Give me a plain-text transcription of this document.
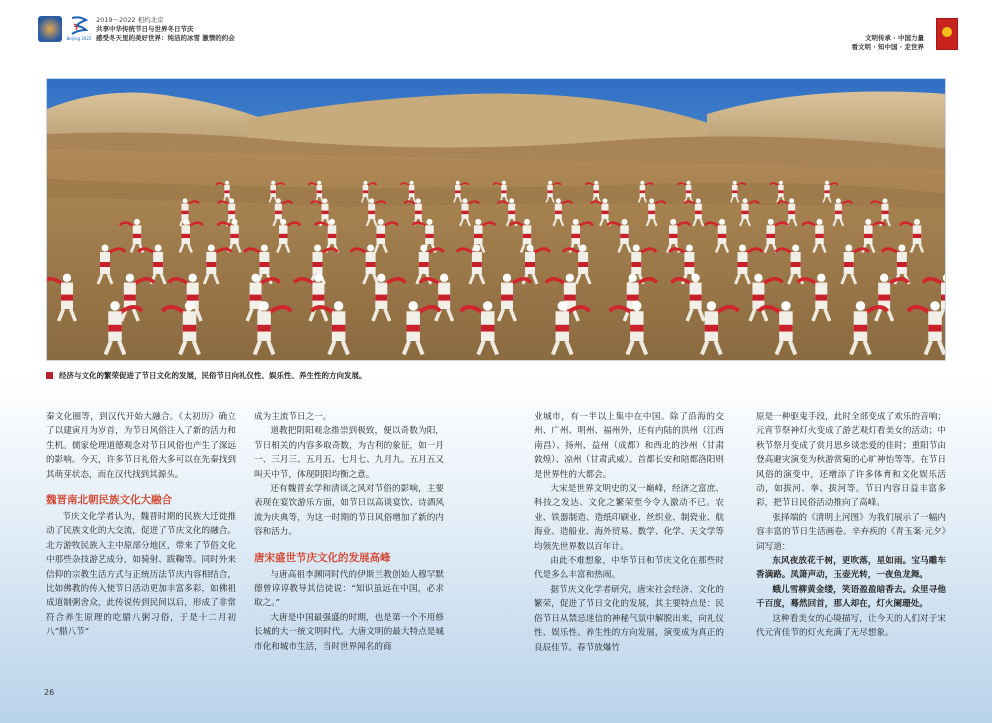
Beijing 2022
2019～2022 相约北京
共享中华传统节日与世界冬日节庆
感受冬天里的美好世界：纯洁的冰雪 激情的约会	文明传承 · 中国力量
看文明 · 知中国 · 走世界
经济与文化的繁荣促进了节日文化的发展，民俗节日向礼仪性、娱乐性、养生性的方向发展。

秦文化圈等，到汉代开始大融合。《太初历》确立了以建寅月为岁首，为节日风俗注入了新的活力和生机。儒家伦理道德观念对节日风俗也产生了深远的影响。今天，许多节日礼俗大多可以在先秦找到其萌芽状态，而在汉代找到其源头。

魏晋南北朝民族文化大融合

节庆文化学者认为，魏晋时期的民族大迁徙推动了民族文化的大交流，促进了节庆文化的融合。北方游牧民族入主中原部分地区，带来了节俗文化中那些杂技游艺成分，如骑射、跋鞠等。同时外来信仰的宗教生活方式与正统历法节庆内容相结合，比如佛教的传入使节日活动更加丰富多彩，如佛祖成道制粥舍众，此传说传到民间以后，形成了非常符合养生原理的吃腊八粥习俗，于是十二月初八“腊八节”

成为主流节日之一。

道教把阴阳观念推崇到极致，便以奇数为阳，节日相关的内容多取奇数，为吉利的象征，如一月一、三月三、五月五、七月七、九月九。五月五又叫天中节，体现阴阳均衡之意。

还有魏晋玄学和清谈之风对节俗的影响，主要表现在宴饮游乐方面，如节日以高谈宴饮、诗酒风流为庆典等，为这一时期的节日风俗增加了新的内容和活力。

唐宋盛世节庆文化的发展高峰

与唐高祖李渊同时代的伊斯兰教创始人穆罕默德曾谆谆教导其信徒说：“知识虽远在中国，必求取之。”

大唐是中国最强盛的时期，也是第一个不用修长城的大一统文明时代。大唐文明的最大特点是城市化和城市生活，当时世界闻名的商

业城市，有一半以上集中在中国。除了沿海的交州、广州、明州、福州外，还有内陆的洪州（江西南昌）、扬州、益州（成都）和西北的沙州（甘肃敦煌）、凉州（甘肃武威）。首都长安和陪都洛阳则是世界性的大都会。

大宋是世界文明史的又一巅峰，经济之富庶、科技之发达、文化之繁荣至今令人激动不已。农业、铁器制造、造纸印刷业、丝织业、制瓷业、航海业、造船业、海外贸易、数学、化学、天文学等均领先世界数以百年计。

由此不难想象，中华节日和节庆文化在那些时代是多么丰富和热闹。

据节庆文化学者研究，唐宋社会经济、文化的繁荣，促进了节日文化的发展，其主要特点是：民俗节日从禁忌迷信的神秘气氛中解脱出来，向礼仪性、娱乐性、养生性的方向发展，演变成为真正的良辰佳节。春节放爆竹

原是一种驱鬼手段，此时全部变成了欢乐的音响；元宵节祭神灯火变成了游艺观灯看美女的活动；中秋节祭月变成了赏月思乡谈恋爱的佳时；重阳节由登高避灾演变为秋游赏菊的心旷神怡等等。在节日风俗的演变中，还增添了许多体育和文化娱乐活动，如拔河、拳、拔河等。节日内容日益丰富多彩，把节日民俗活动推向了高峰。

张择端的《清明上河图》为我们展示了一幅内容丰富的节日生活画卷。辛弃疾的《青玉案·元夕》词写道：

东风夜放花千树，更吹落，星如雨。宝马雕车香满路。凤箫声动，玉壶光转，一夜鱼龙舞。

蛾儿雪柳黄金缕，笑语盈盈暗香去。众里寻他千百度，蓦然回首，那人却在，灯火阑珊处。

这种看美女的心境描写，让今天的人们对于宋代元宵佳节的灯火充满了无尽想象。

26
